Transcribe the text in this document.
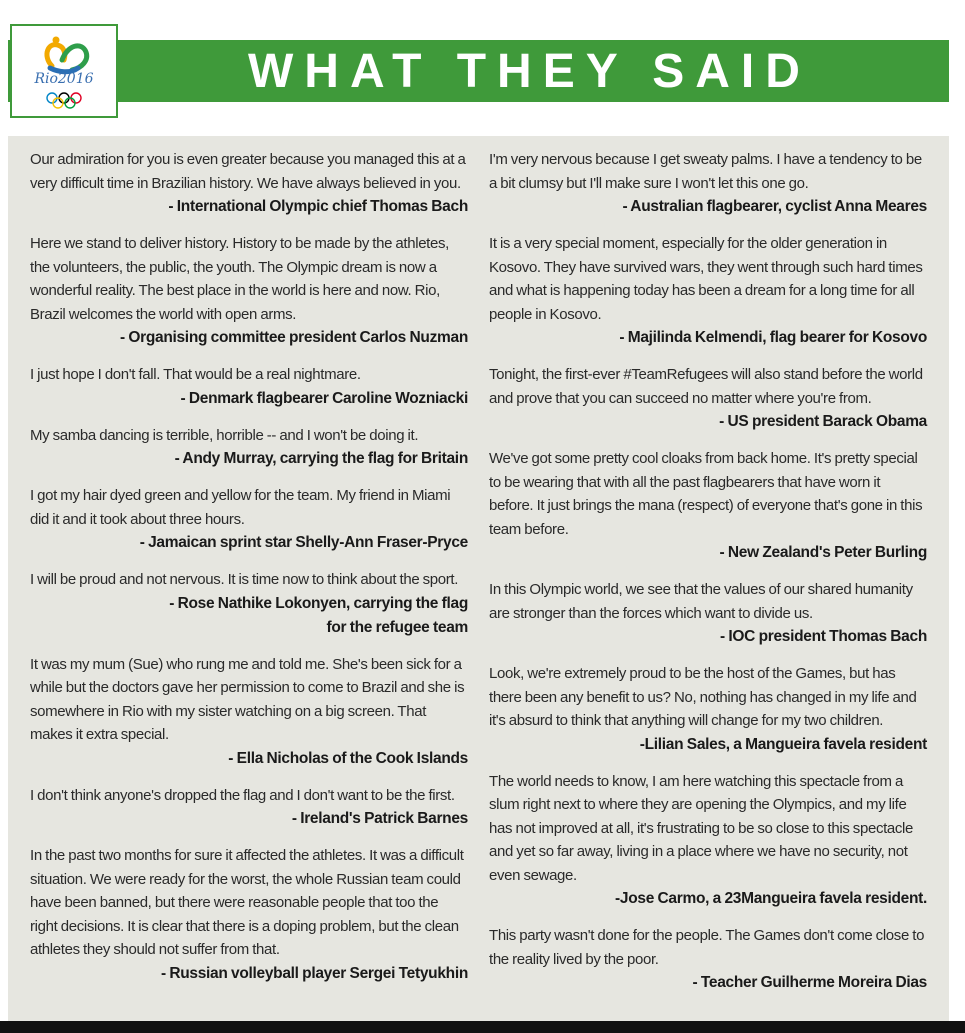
WHAT THEY SAID
Rio2016
Our admiration for you is even greater because you managed this at a very difficult time in Brazilian history. We have always believed in you.
- International Olympic chief Thomas Bach
Here we stand to deliver history. History to be made by the athletes, the volunteers, the public, the youth. The Olympic dream is now a wonderful reality. The best place in the world is here and now. Rio, Brazil welcomes the world with open arms.
- Organising committee president Carlos Nuzman
I just hope I don't fall. That would be a real nightmare.
- Denmark flagbearer Caroline Wozniacki
My samba dancing is terrible, horrible -- and I won't be doing it.
- Andy Murray, carrying the flag for Britain
I got my hair dyed green and yellow for the team. My friend in Miami did it and it took about three hours.
- Jamaican sprint star Shelly-Ann Fraser-Pryce
I will be proud and not nervous. It is time now to think about the sport.
- Rose Nathike Lokonyen, carrying the flag for the refugee team
It was my mum (Sue) who rung me and told me. She's been sick for a while but the doctors gave her permission to come to Brazil and she is somewhere in Rio with my sister watching on a big screen. That makes it extra special.
- Ella Nicholas of the Cook Islands
I don't think anyone's dropped the flag and I don't want to be the first.
- Ireland's Patrick Barnes
In the past two months for sure it affected the athletes. It was a difficult situation. We were ready for the worst, the whole Russian team could have been banned, but there were reasonable people that too the right decisions. It is clear that there is a doping problem, but the clean athletes they should not suffer from that.
- Russian volleyball player Sergei Tetyukhin
I'm very nervous because I get sweaty palms. I have a tendency to be a bit clumsy but I'll make sure I won't let this one go.
- Australian flagbearer, cyclist Anna Meares
It is a very special moment, especially for the older generation in Kosovo. They have survived wars, they went through such hard times and what is happening today has been a dream for a long time for all people in Kosovo.
- Majilinda Kelmendi, flag bearer for Kosovo
Tonight, the first-ever #TeamRefugees will also stand before the world and prove that you can succeed no matter where you're from.
- US president Barack Obama
We've got some pretty cool cloaks from back home. It's pretty special to be wearing that with all the past flagbearers that have worn it before. It just brings the mana (respect) of everyone that's gone in this team before.
- New Zealand's Peter Burling
In this Olympic world, we see that the values of our shared humanity are stronger than the forces which want to divide us.
- IOC president Thomas Bach
Look, we're extremely proud to be the host of the Games, but has there been any benefit to us? No, nothing has changed in my life and it's absurd to think that anything will change for my two children.
-Lilian Sales, a Mangueira favela resident
The world needs to know, I am here watching this spectacle from a slum right next to where they are opening the Olympics, and my life has not improved at all, it's frustrating to be so close to this spectacle and yet so far away, living in a place where we have no security, not even sewage.
-Jose Carmo, a 23Mangueira favela resident.
This party wasn't done for the people. The Games don't come close to the reality lived by the poor.
- Teacher Guilherme Moreira Dias
